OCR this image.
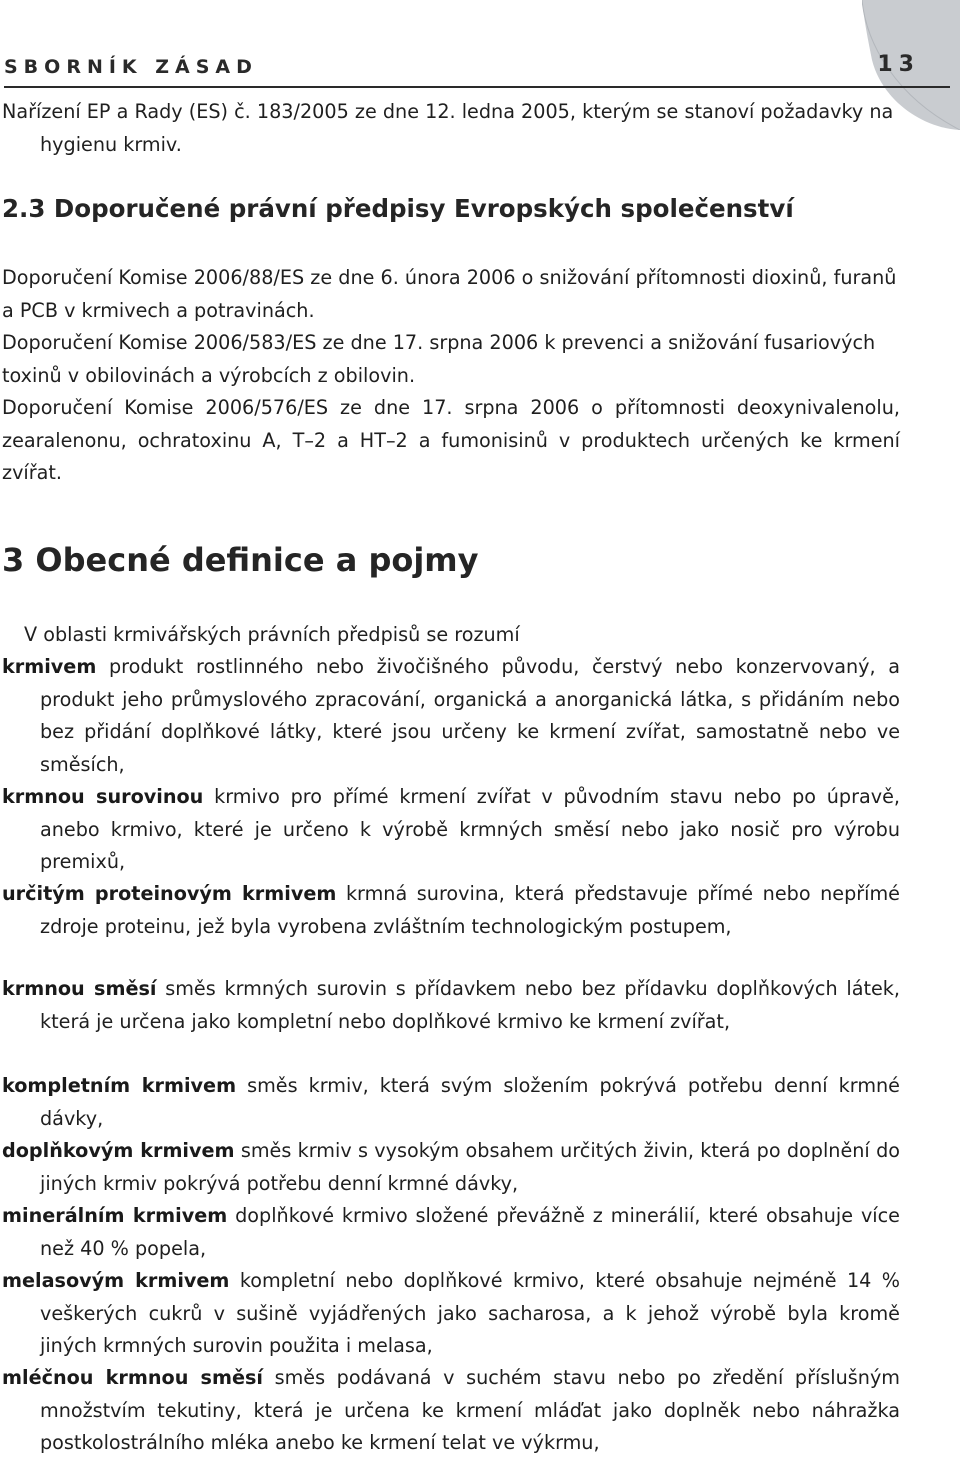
SBORNÍK ZÁSAD	13
Nařízení EP a Rady (ES) č. 183/2005 ze dne 12. ledna 2005, kterým se stanoví požadavky na hygienu krmiv.
2.3 Doporučené právní předpisy Evropských společenství
Doporučení Komise 2006/88/ES ze dne 6. února 2006 o snižování přítomnosti dioxinů, furanů a PCB v krmivech a potravinách.
Doporučení Komise 2006/583/ES ze dne 17. srpna 2006 k prevenci a snižování fusariových toxinů v obilovinách a výrobcích z obilovin.
Doporučení Komise 2006/576/ES ze dne 17. srpna 2006 o přítomnosti deoxynivalenolu, zearalenonu, ochratoxinu A, T–2 a HT–2 a fumonisinů v produktech určených ke krmení zvířat.
3 Obecné definice a pojmy
V oblasti krmivářských právních předpisů se rozumí
krmivem produkt rostlinného nebo živočišného původu, čerstvý nebo konzervovaný, a produkt jeho průmyslového zpracování, organická a anorganická látka, s přidáním nebo bez přidání doplňkové látky, které jsou určeny ke krmení zvířat, samostatně nebo ve směsích,
krmnou surovinou krmivo pro přímé krmení zvířat v původním stavu nebo po úpravě, anebo krmivo, které je určeno k výrobě krmných směsí nebo jako nosič pro výrobu premixů,
určitým proteinovým krmivem krmná surovina, která představuje přímé nebo nepřímé zdroje proteinu, jež byla vyrobena zvláštním technologickým postupem,
krmnou směsí směs krmných surovin s přídavkem nebo bez přídavku doplňkových látek, která je určena jako kompletní nebo doplňkové krmivo ke krmení zvířat,
kompletním krmivem směs krmiv, která svým složením pokrývá potřebu denní krmné dávky,
doplňkovým krmivem směs krmiv s vysokým obsahem určitých živin, která po doplnění do jiných krmiv pokrývá potřebu denní krmné dávky,
minerálním krmivem doplňkové krmivo složené převážně z minerálií, které obsahuje více než 40 % popela,
melasovým krmivem kompletní nebo doplňkové krmivo, které obsahuje nejméně 14 % veškerých cukrů v sušině vyjádřených jako sacharosa, a k jehož výrobě byla kromě jiných krmných surovin použita i melasa,
mléčnou krmnou směsí směs podávaná v suchém stavu nebo po zředění příslušným množstvím tekutiny, která je určena ke krmení mláďat jako doplněk nebo náhražka postkolostrálního mléka anebo ke krmení telat ve výkrmu,
